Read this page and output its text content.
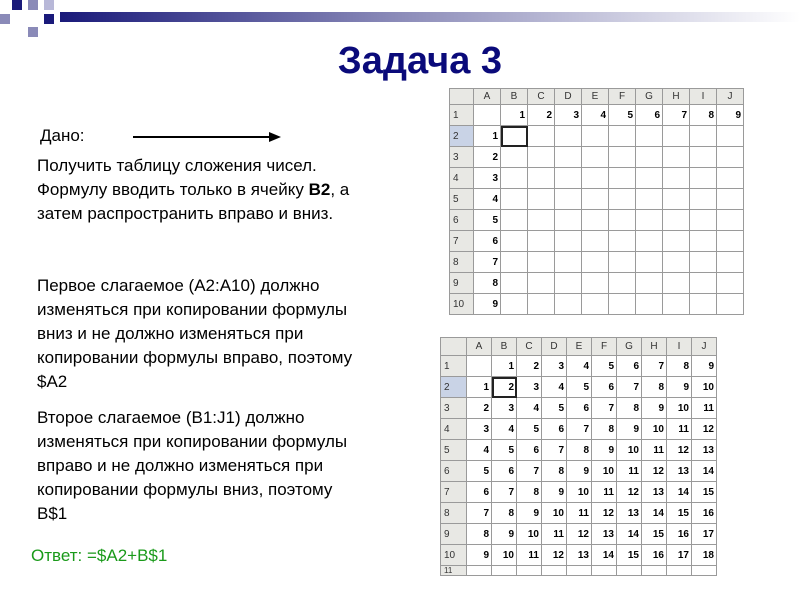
Задача 3
Дано:
Получить таблицу сложения чисел. Формулу вводить только в ячейку B2, а затем распространить вправо и вниз.
Первое слагаемое (A2:A10) должно изменяться при копировании формулы вниз и не должно изменяться при копировании формулы вправо, поэтому $A2
Второе слагаемое (B1:J1) должно изменяться при копировании формулы вправо и не должно изменяться при копировании формулы вниз, поэтому B$1
Ответ: =$A2+B$1
	A	B	C	D	E	F	G	H	I	J
1		1	2	3	4	5	6	7	8	9
2	1									
3	2									
4	3									
5	4									
6	5									
7	6									
8	7									
9	8									
10	9									
	A	B	C	D	E	F	G	H	I	J
1		1	2	3	4	5	6	7	8	9
2	1	2	3	4	5	6	7	8	9	10
3	2	3	4	5	6	7	8	9	10	11
4	3	4	5	6	7	8	9	10	11	12
5	4	5	6	7	8	9	10	11	12	13
6	5	6	7	8	9	10	11	12	13	14
7	6	7	8	9	10	11	12	13	14	15
8	7	8	9	10	11	12	13	14	15	16
9	8	9	10	11	12	13	14	15	16	17
10	9	10	11	12	13	14	15	16	17	18
11										
